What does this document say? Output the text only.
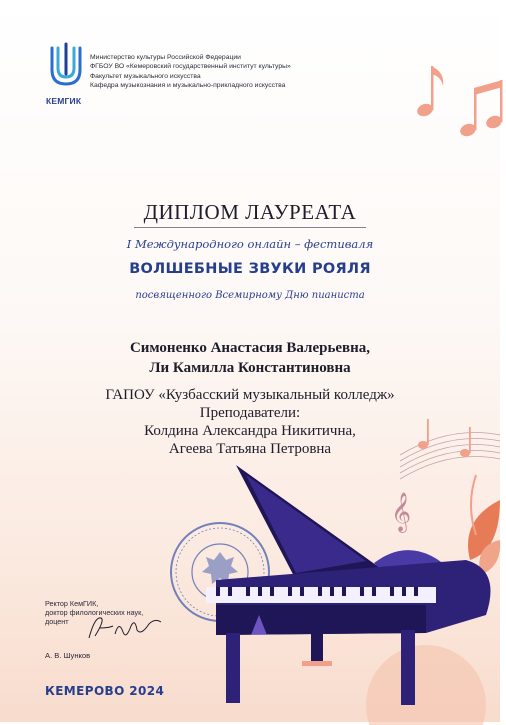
КЕМГИК
Министерство культуры Российской Федерации
ФГБОУ ВО «Кемеровский государственный институт культуры»
Факультет музыкального искусства
Кафедра музыкознания и музыкально-прикладного искусства
ДИПЛОМ ЛАУРЕАТА
I Международного онлайн – фестиваля
ВОЛШЕБНЫЕ ЗВУКИ РОЯЛЯ
посвященного Всемирному Дню пианиста
Симоненко Анастасия Валерьевна,
Ли Камилла Константиновна
ГАПОУ «Кузбасский музыкальный колледж»
Преподаватели:
Колдина Александра Никитична,
Агеева Татьяна Петровна
𝄞
Ректор КемГИК,
доктор филологических наук,
доцент
А. В. Шунков
КЕМЕРОВО 2024
